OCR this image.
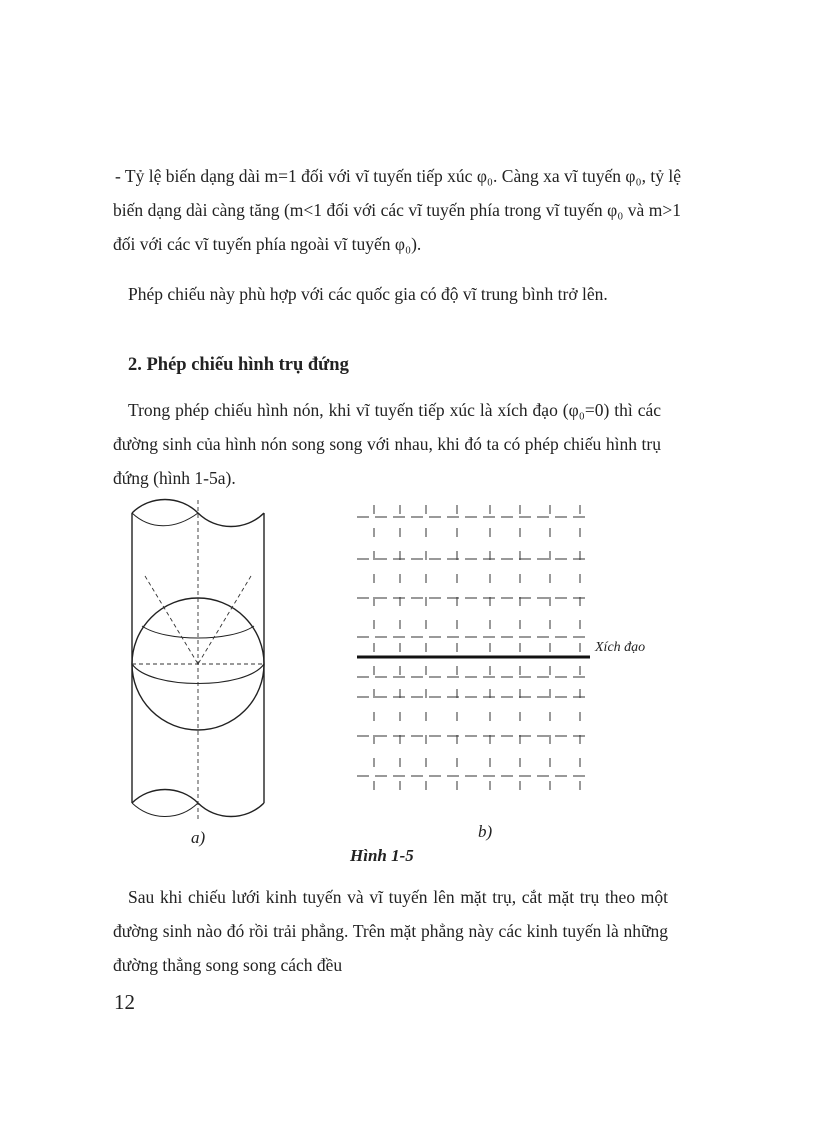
- Tỷ lệ biến dạng dài m=1 đối với vĩ tuyến tiếp xúc φ₀. Càng xa vĩ tuyến φ₀, tỷ lệ biến dạng dài càng tăng (m<1 đối với các vĩ tuyến phía trong vĩ tuyến φ₀ và m>1 đối với các vĩ tuyến phía ngoài vĩ tuyến φ₀).
Phép chiếu này phù hợp với các quốc gia có độ vĩ trung bình trở lên.
2. Phép chiếu hình trụ đứng
Trong phép chiếu hình nón, khi vĩ tuyến tiếp xúc là xích đạo (φ₀=0) thì các đường sinh của hình nón song song với nhau, khi đó ta có phép chiếu hình trụ đứng (hình 1-5a).
a)
Xích đạo
b)
Hình 1-5
Sau khi chiếu lưới kinh tuyến và vĩ tuyến lên mặt trụ, cắt mặt trụ theo một đường sinh nào đó rồi trải phẳng. Trên mặt phẳng này các kinh tuyến là những đường thẳng song song cách đều
12
